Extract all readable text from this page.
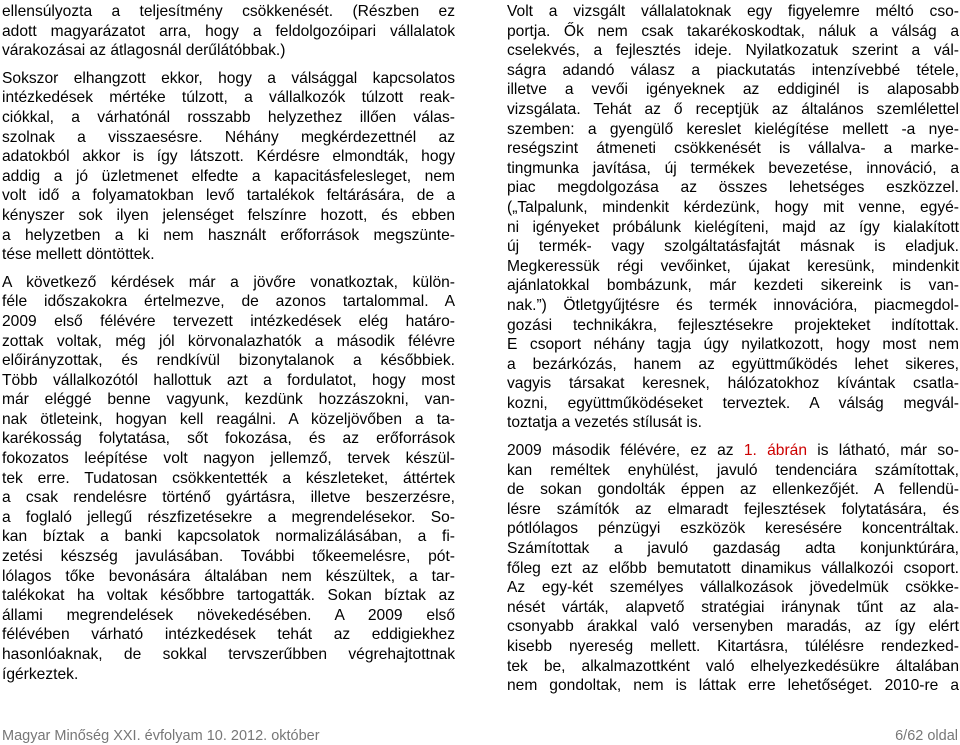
ellensúlyozta a teljesítmény csökkenését. (Részben ez
adott magyarázatot arra, hogy a feldolgozóipari vállalatok
várakozásai az átlagosnál derűlátóbbak.)
Sokszor elhangzott ekkor, hogy a válsággal kapcsolatos
intézkedések mértéke túlzott, a vállalkozók túlzott reak-
ciókkal, a várhatónál rosszabb helyzethez illően válas-
szolnak a visszaesésre. Néhány megkérdezettnél az
adatokból akkor is így látszott. Kérdésre elmondták, hogy
addig a jó üzletmenet elfedte a kapacitásfelesleget, nem
volt idő a folyamatokban levő tartalékok feltárására, de a
kényszer sok ilyen jelenséget felszínre hozott, és ebben
a helyzetben a ki nem használt erőforrások megszünte-
tése mellett döntöttek.
A következő kérdések már a jövőre vonatkoztak, külön-
féle időszakokra értelmezve, de azonos tartalommal. A
2009 első félévére tervezett intézkedések elég határo-
zottak voltak, még jól körvonalazhatók a második félévre
előirányzottak, és rendkívül bizonytalanok a későbbiek.
Több vállalkozótól hallottuk azt a fordulatot, hogy most
már eléggé benne vagyunk, kezdünk hozzászokni, van-
nak ötleteink, hogyan kell reagálni. A közeljövőben a ta-
karékosság folytatása, sőt fokozása, és az erőforrások
fokozatos leépítése volt nagyon jellemző, tervek készül-
tek erre. Tudatosan csökkentették a készleteket, áttértek
a csak rendelésre történő gyártásra, illetve beszerzésre,
a foglaló jellegű részfizetésekre a megrendelésekor. So-
kan bíztak a banki kapcsolatok normalizálásában, a fi-
zetési készség javulásában. További tőkeemelésre, pót-
lólagos tőke bevonására általában nem készültek, a tar-
talékokat ha voltak későbbre tartogatták. Sokan bíztak az
állami megrendelések növekedésében. A 2009 első
félévében várható intézkedések tehát az eddigiekhez
hasonlóaknak, de sokkal tervszerűbben végrehajtottnak
ígérkeztek.
Volt a vizsgált vállalatoknak egy figyelemre méltó cso-
portja. Ők nem csak takarékoskodtak, náluk a válság a
cselekvés, a fejlesztés ideje. Nyilatkozatuk szerint a vál-
ságra adandó válasz a piackutatás intenzívebbé tétele,
illetve a vevői igényeknek az eddiginél is alaposabb
vizsgálata. Tehát az ő receptjük az általános szemlélettel
szemben: a gyengülő kereslet kielégítése mellett -a nye-
reségszint átmeneti csökkenését is vállalva- a marke-
tingmunka javítása, új termékek bevezetése, innováció, a
piac megdolgozása az összes lehetséges eszközzel.
(„Talpalunk, mindenkit kérdezünk, hogy mit venne, egyé-
ni igényeket próbálunk kielégíteni, majd az így kialakított
új termék- vagy szolgáltatásfajtát másnak is eladjuk.
Megkeressük régi vevőinket, újakat keresünk, mindenkit
ajánlatokkal bombázunk, már kezdeti sikereink is van-
nak.”) Ötletgyűjtésre és termék innovációra, piacmegdol-
gozási technikákra, fejlesztésekre projekteket indítottak.
E csoport néhány tagja úgy nyilatkozott, hogy most nem
a bezárkózás, hanem az együttműködés lehet sikeres,
vagyis társakat keresnek, hálózatokhoz kívántak csatla-
kozni, együttműködéseket terveztek. A válság megvál-
toztatja a vezetés stílusát is.
2009 második félévére, ez az 1. ábrán is látható, már so-
kan reméltek enyhülést, javuló tendenciára számítottak,
de sokan gondolták éppen az ellenkezőjét. A fellendü-
lésre számítók az elmaradt fejlesztések folytatására, és
pótlólagos pénzügyi eszközök keresésére koncentráltak.
Számítottak a javuló gazdaság adta konjunktúrára,
főleg ezt az előbb bemutatott dinamikus vállalkozói csoport.
Az egy-két személyes vállalkozások jövedelmük csökke-
nését várták, alapvető stratégiai iránynak tűnt az ala-
csonyabb árakkal való versenyben maradás, az így elért
kisebb nyereség mellett. Kitartásra, túlélésre rendezked-
tek be, alkalmazottként való elhelyezkedésükre általában
nem gondoltak, nem is láttak erre lehetőséget. 2010-re a
Magyar Minőség XXI. évfolyam 10. 2012. október	6/62 oldal
